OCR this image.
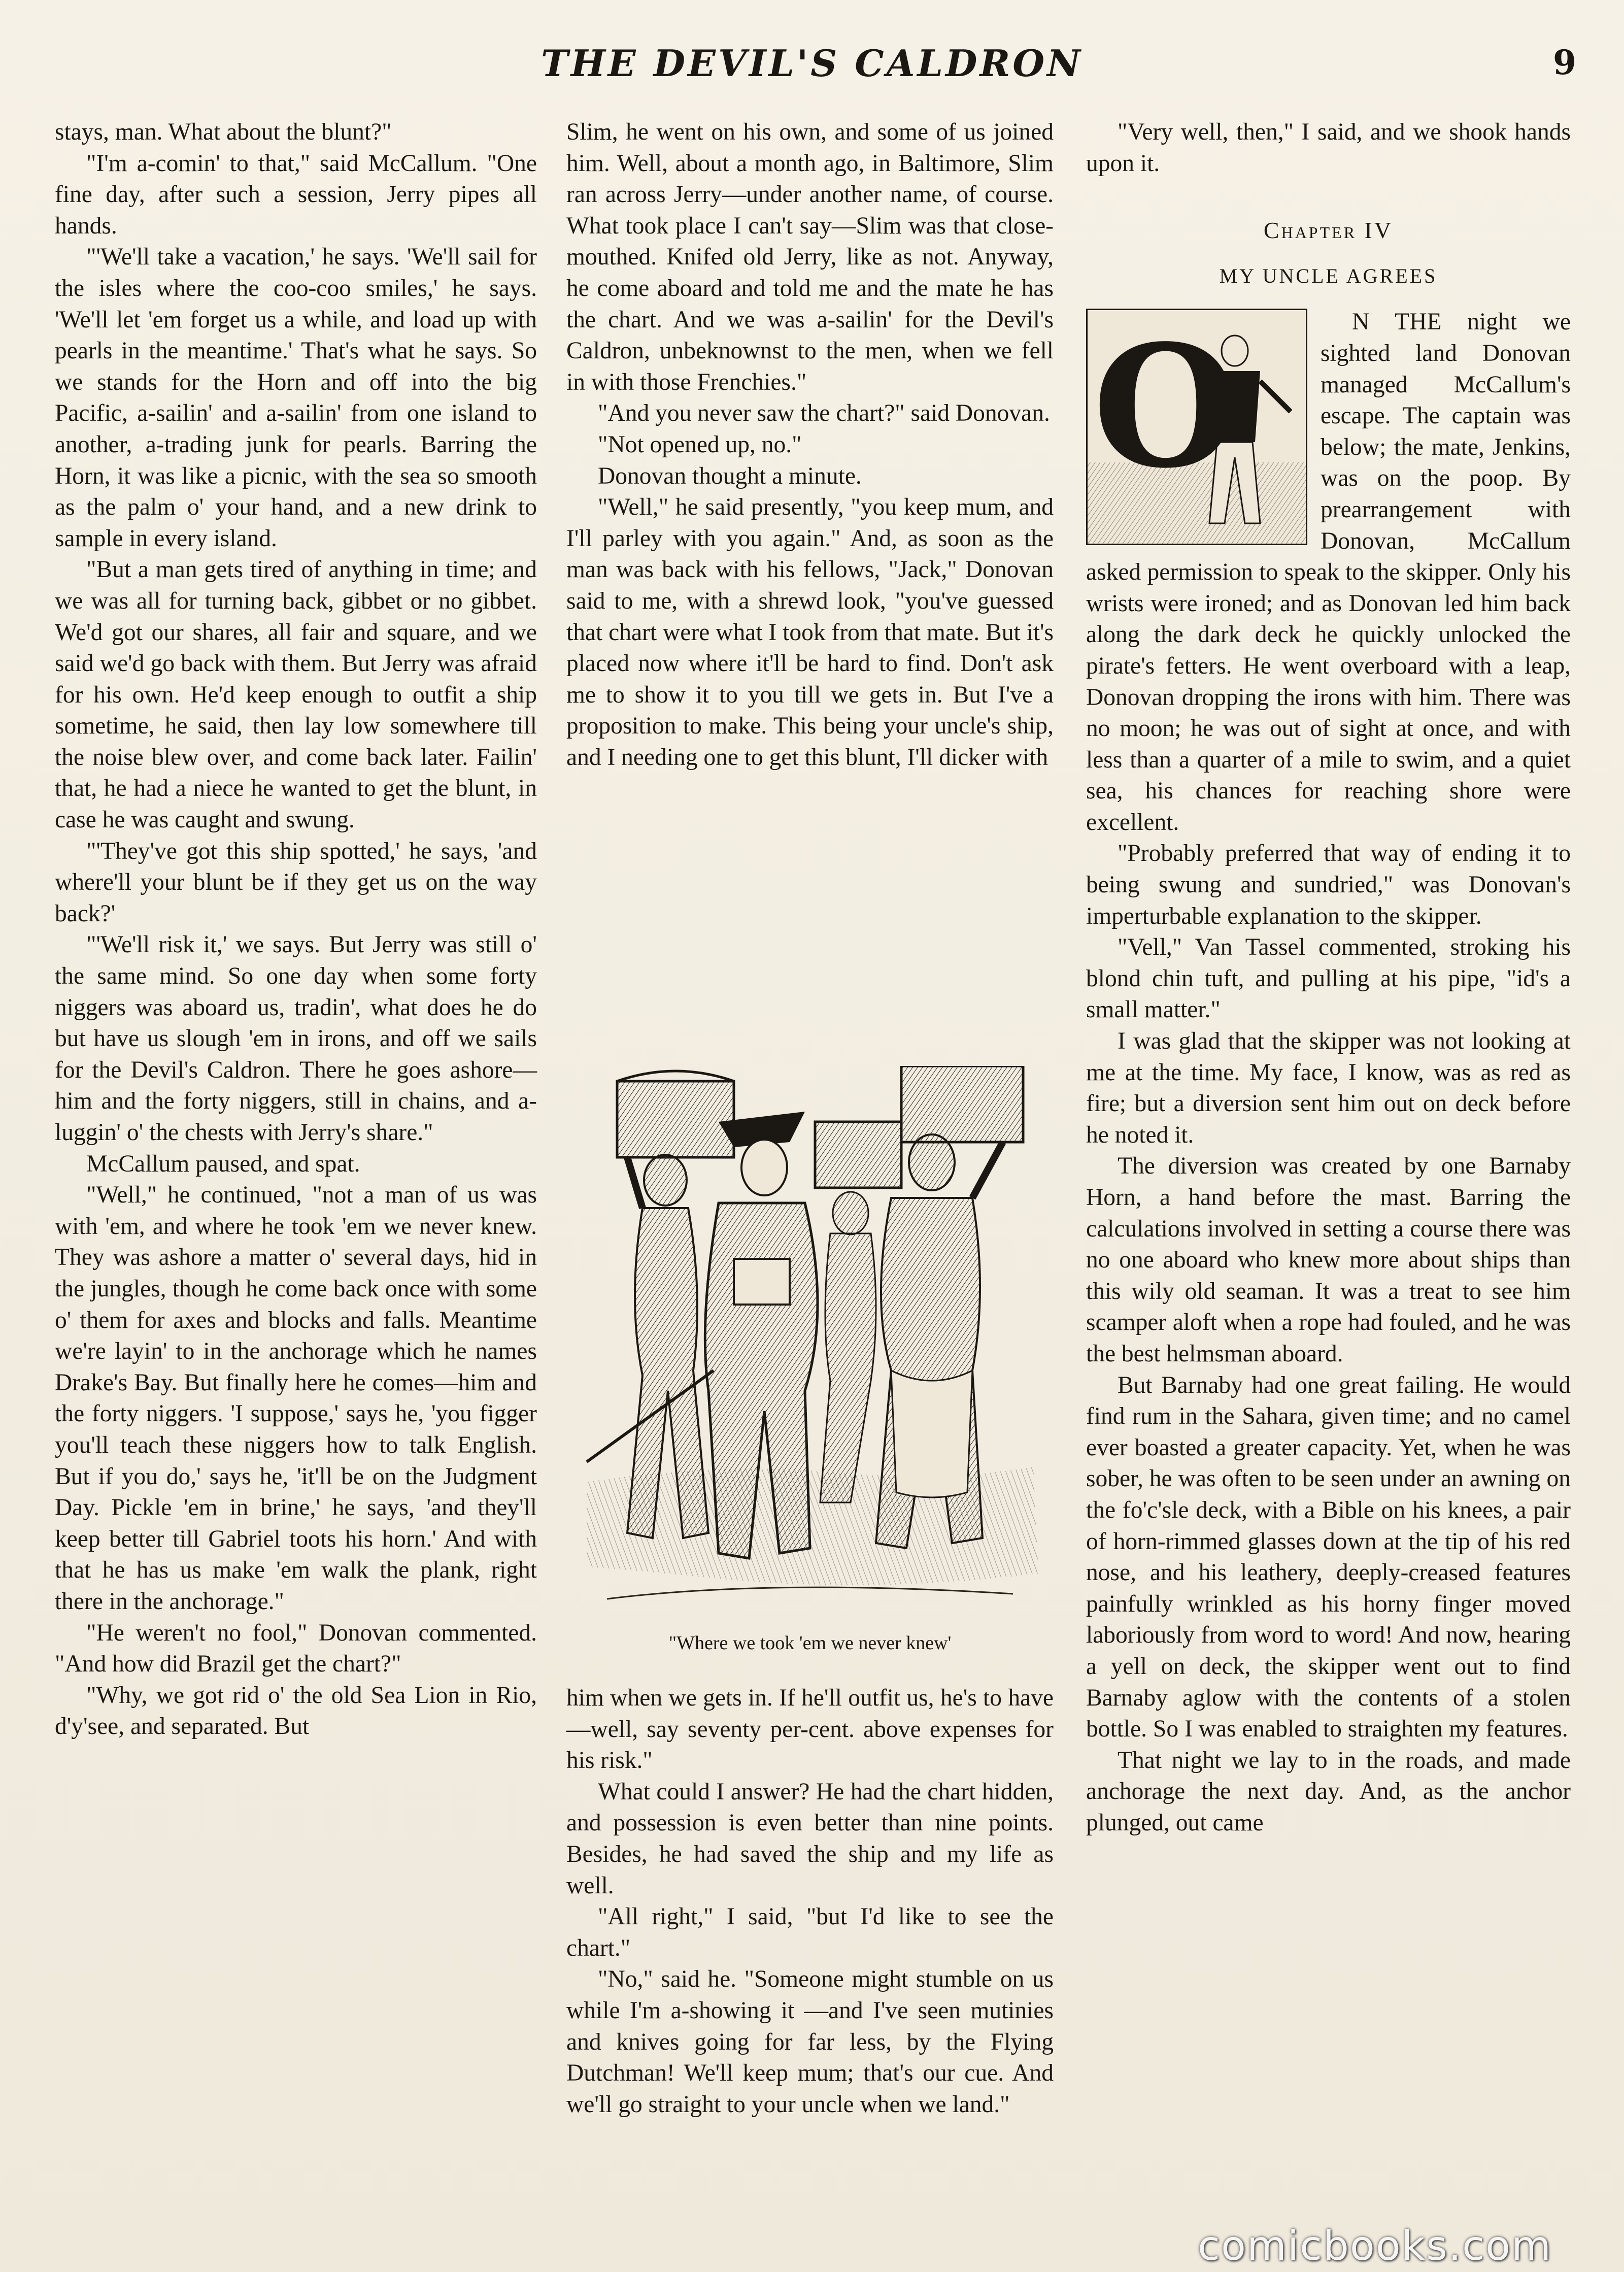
THE DEVIL'S CALDRON	9

stays, man. What about the blunt?"

"I'm a-comin' to that," said McCallum. "One fine day, after such a session, Jerry pipes all hands.

"'We'll take a vacation,' he says. 'We'll sail for the isles where the coo-coo smiles,' he says. 'We'll let 'em forget us a while, and load up with pearls in the meantime.' That's what he says. So we stands for the Horn and off into the big Pacific, a-sailin' and a-sailin' from one island to another, a-trading junk for pearls. Barring the Horn, it was like a picnic, with the sea so smooth as the palm o' your hand, and a new drink to sample in every island.

"But a man gets tired of anything in time; and we was all for turning back, gibbet or no gibbet. We'd got our shares, all fair and square, and we said we'd go back with them. But Jerry was afraid for his own. He'd keep enough to outfit a ship sometime, he said, then lay low somewhere till the noise blew over, and come back later. Failin' that, he had a niece he wanted to get the blunt, in case he was caught and swung.

"'They've got this ship spotted,' he says, 'and where'll your blunt be if they get us on the way back?'

"'We'll risk it,' we says. But Jerry was still o' the same mind. So one day when some forty niggers was aboard us, tradin', what does he do but have us slough 'em in irons, and off we sails for the Devil's Caldron. There he goes ashore—him and the forty niggers, still in chains, and a-luggin' o' the chests with Jerry's share."

McCallum paused, and spat.

"Well," he continued, "not a man of us was with 'em, and where he took 'em we never knew. They was ashore a matter o' several days, hid in the jungles, though he come back once with some o' them for axes and blocks and falls. Meantime we're layin' to in the anchorage which he names Drake's Bay. But finally here he comes—him and the forty niggers. 'I suppose,' says he, 'you figger you'll teach these niggers how to talk English. But if you do,' says he, 'it'll be on the Judgment Day. Pickle 'em in brine,' he says, 'and they'll keep better till Gabriel toots his horn.' And with that he has us make 'em walk the plank, right there in the anchorage."

"He weren't no fool," Donovan commented. "And how did Brazil get the chart?"

"Why, we got rid o' the old Sea Lion in Rio, d'y'see, and separated. But

Slim, he went on his own, and some of us joined him. Well, about a month ago, in Baltimore, Slim ran across Jerry—under another name, of course. What took place I can't say—Slim was that close-mouthed. Knifed old Jerry, like as not. Anyway, he come aboard and told me and the mate he has the chart. And we was a-sailin' for the Devil's Caldron, unbeknownst to the men, when we fell in with those Frenchies."

"And you never saw the chart?" said Donovan.

"Not opened up, no."

Donovan thought a minute.

"Well," he said presently, "you keep mum, and I'll parley with you again." And, as soon as the man was back with his fellows, "Jack," Donovan said to me, with a shrewd look, "you've guessed that chart were what I took from that mate. But it's placed now where it'll be hard to find. Don't ask me to show it to you till we gets in. But I've a proposition to make. This being your uncle's ship, and I needing one to get this blunt, I'll dicker with

"Where we took 'em we never knew'

him when we gets in. If he'll outfit us, he's to have—well, say seventy per-cent. above expenses for his risk."

What could I answer? He had the chart hidden, and possession is even better than nine points. Besides, he had saved the ship and my life as well.

"All right," I said, "but I'd like to see the chart."

"No," said he. "Someone might stumble on us while I'm a-showing it —and I've seen mutinies and knives going for far less, by the Flying Dutchman! We'll keep mum; that's our cue. And we'll go straight to your uncle when we land."

"Very well, then," I said, and we shook hands upon it.

Chapter IV
MY UNCLE AGREES
O	N THE night we sighted land Donovan managed McCallum's escape. The captain was below; the mate, Jenkins, was on the poop. By prearrangement with Donovan, McCallum asked permission to speak to the skipper. Only his wrists were ironed; and as Donovan led him back along the dark deck he quickly unlocked the pirate's fetters. He went overboard with a leap, Donovan dropping the irons with him. There was no moon; he was out of sight at once, and with less than a quarter of a mile to swim, and a quiet sea, his chances for reaching shore were excellent.

"Probably preferred that way of ending it to being swung and sundried," was Donovan's imperturbable explanation to the skipper.

"Vell," Van Tassel commented, stroking his blond chin tuft, and pulling at his pipe, "id's a small matter."

I was glad that the skipper was not looking at me at the time. My face, I know, was as red as fire; but a diversion sent him out on deck before he noted it.

The diversion was created by one Barnaby Horn, a hand before the mast. Barring the calculations involved in setting a course there was no one aboard who knew more about ships than this wily old seaman. It was a treat to see him scamper aloft when a rope had fouled, and he was the best helmsman aboard.

But Barnaby had one great failing. He would find rum in the Sahara, given time; and no camel ever boasted a greater capacity. Yet, when he was sober, he was often to be seen under an awning on the fo'c'sle deck, with a Bible on his knees, a pair of horn-rimmed glasses down at the tip of his red nose, and his leathery, deeply-creased features painfully wrinkled as his horny finger moved laboriously from word to word! And now, hearing a yell on deck, the skipper went out to find Barnaby aglow with the contents of a stolen bottle. So I was enabled to straighten my features.

That night we lay to in the roads, and made anchorage the next day. And, as the anchor plunged, out came

comicbooks.com
